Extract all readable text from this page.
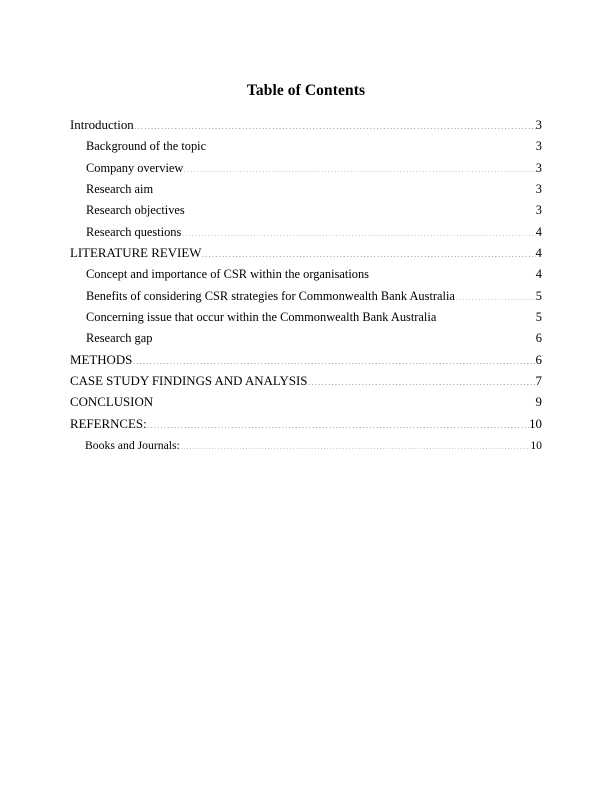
Table of Contents
Introduction .....	3
Background of the topic .....	3
Company overview .....	3
Research aim .....	3
Research objectives .....	3
Research questions .....	4
LITERATURE REVIEW .....	4
Concept and importance of CSR within the organisations .....	4
Benefits of considering CSR strategies for Commonwealth Bank Australia .....	5
Concerning issue that occur within the Commonwealth Bank Australia .....	5
Research gap .....	6
METHODS .....	6
CASE STUDY FINDINGS AND ANALYSIS .....	7
CONCLUSION .....	9
REFERNCES: .....	10
Books and Journals: .....	10
